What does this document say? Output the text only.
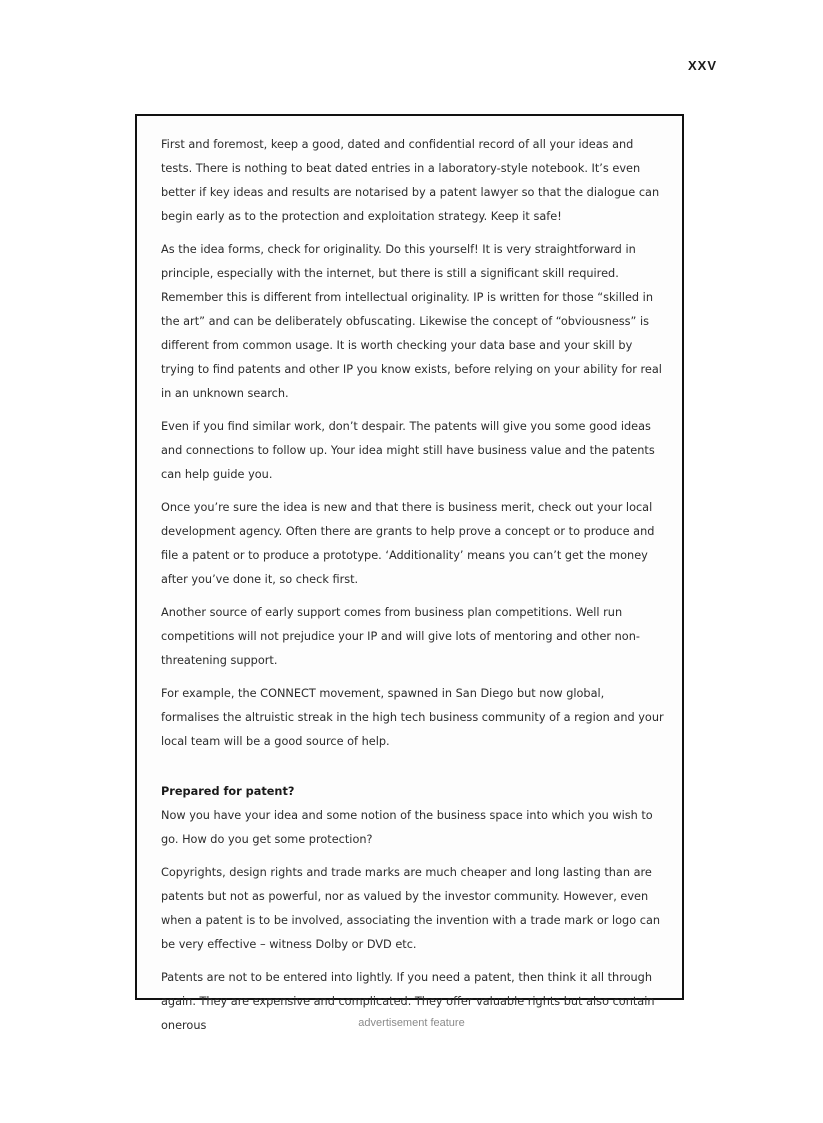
XXV

First and foremost, keep a good, dated and confidential record of all your ideas and tests. There is nothing to beat dated entries in a laboratory-style notebook. It’s even better if key ideas and results are notarised by a patent lawyer so that the dialogue can begin early as to the protection and exploitation strategy. Keep it safe!

As the idea forms, check for originality. Do this yourself! It is very straightforward in principle, especially with the internet, but there is still a significant skill required. Remember this is different from intellectual originality. IP is written for those “skilled in the art” and can be deliberately obfuscating. Likewise the concept of “obviousness” is different from common usage. It is worth checking your data base and your skill by trying to find patents and other IP you know exists, before relying on your ability for real in an unknown search.

Even if you find similar work, don’t despair. The patents will give you some good ideas and connections to follow up. Your idea might still have business value and the patents can help guide you.

Once you’re sure the idea is new and that there is business merit, check out your local development agency. Often there are grants to help prove a concept or to produce and file a patent or to produce a prototype. ‘Additionality’ means you can’t get the money after you’ve done it, so check first.

Another source of early support comes from business plan competitions. Well run competitions will not prejudice your IP and will give lots of mentoring and other non-threatening support.

For example, the CONNECT movement, spawned in San Diego but now global, formalises the altruistic streak in the high tech business community of a region and your local team will be a good source of help.

Prepared for patent?

Now you have your idea and some notion of the business space into which you wish to go. How do you get some protection?

Copyrights, design rights and trade marks are much cheaper and long lasting than are patents but not as powerful, nor as valued by the investor community. However, even when a patent is to be involved, associating the invention with a trade mark or logo can be very effective – witness Dolby or DVD etc.

Patents are not to be entered into lightly. If you need a patent, then think it all through again. They are expensive and complicated. They offer valuable rights but also contain onerous	advertisement feature
